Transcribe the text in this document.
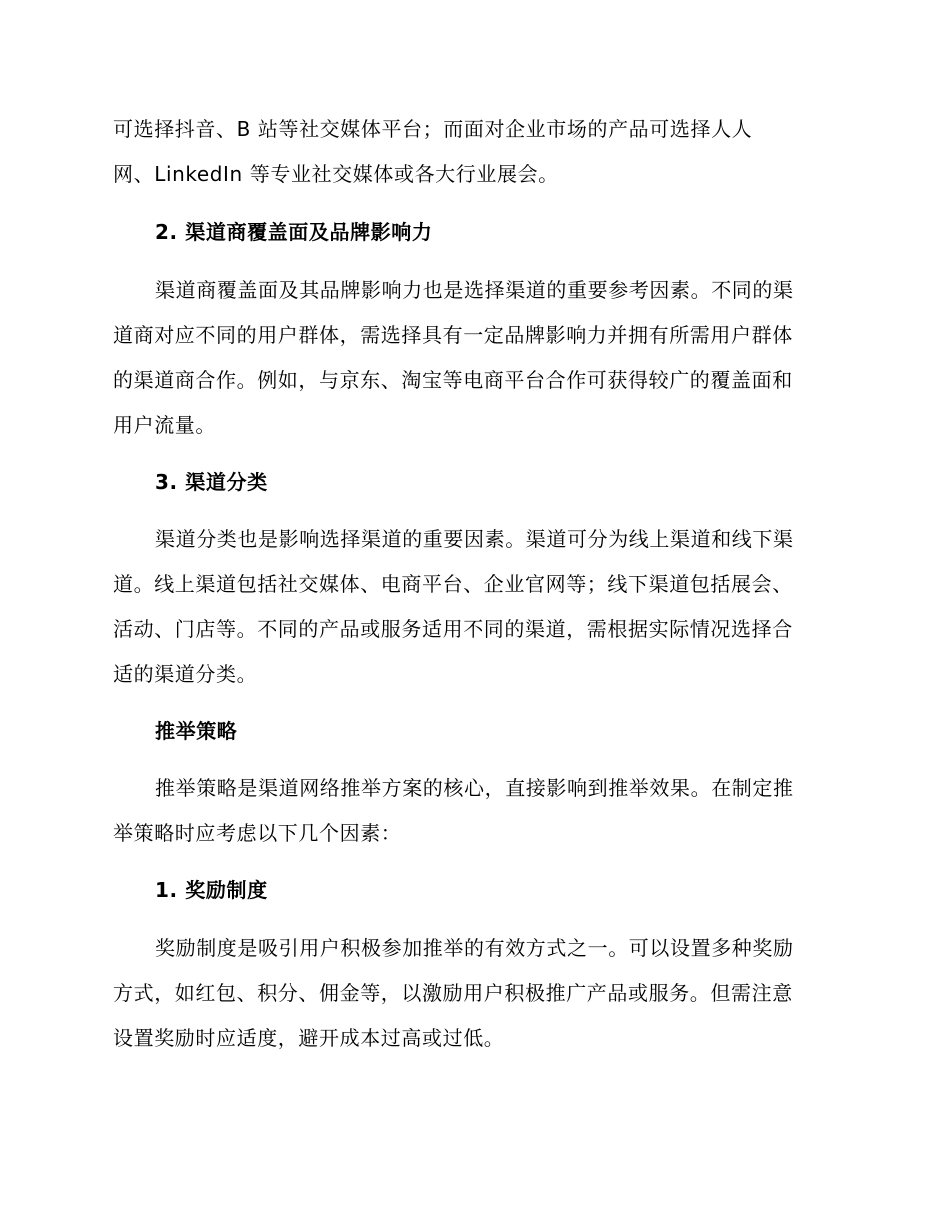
可选择抖音、B 站等社交媒体平台；而面对企业市场的产品可选择人人
网、LinkedIn 等专业社交媒体或各大行业展会。
2. 渠道商覆盖面及品牌影响力
渠道商覆盖面及其品牌影响力也是选择渠道的重要参考因素。不同的渠
道商对应不同的用户群体，需选择具有一定品牌影响力并拥有所需用户群体
的渠道商合作。例如，与京东、淘宝等电商平台合作可获得较广的覆盖面和
用户流量。
3. 渠道分类
渠道分类也是影响选择渠道的重要因素。渠道可分为线上渠道和线下渠
道。线上渠道包括社交媒体、电商平台、企业官网等；线下渠道包括展会、
活动、门店等。不同的产品或服务适用不同的渠道，需根据实际情况选择合
适的渠道分类。
推举策略
推举策略是渠道网络推举方案的核心，直接影响到推举效果。在制定推
举策略时应考虑以下几个因素：
1. 奖励制度
奖励制度是吸引用户积极参加推举的有效方式之一。可以设置多种奖励
方式，如红包、积分、佣金等，以激励用户积极推广产品或服务。但需注意
设置奖励时应适度，避开成本过高或过低。
